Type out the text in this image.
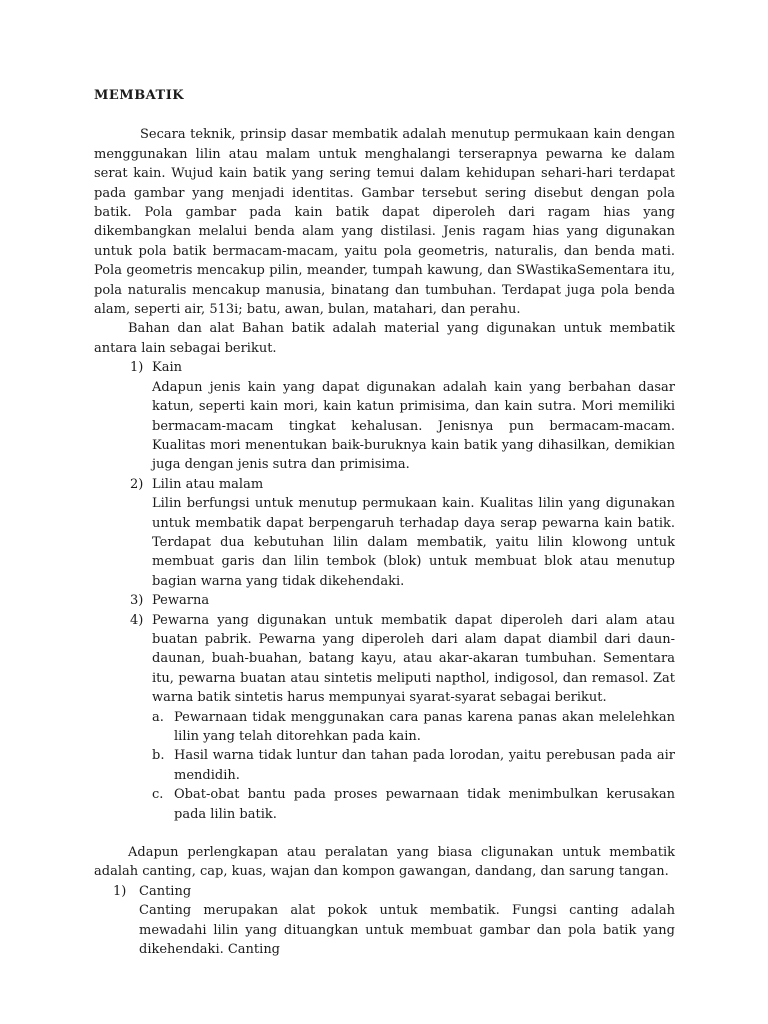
MEMBATIK

Secara teknik, prinsip dasar membatik adalah menutup permukaan kain dengan menggunakan lilin atau malam untuk menghalangi terserapnya pewarna ke dalam serat kain. Wujud kain batik yang sering temui dalam kehidupan sehari-hari terdapat pada gambar yang menjadi identitas. Gambar tersebut sering disebut dengan pola batik. Pola gambar pada kain batik dapat diperoleh dari ragam hias yang dikembangkan melalui benda alam yang distilasi. Jenis ragam hias yang digunakan untuk pola batik bermacam-macam, yaitu pola geometris, naturalis, dan benda mati. Pola geometris mencakup pilin, meander, tumpah kawung, dan SWastikaSementara itu, pola naturalis mencakup manusia, binatang dan tumbuhan. Terdapat juga pola benda alam, seperti air, 513i; batu, awan, bulan, matahari, dan perahu.

Bahan dan alat Bahan batik adalah material yang digunakan untuk membatik antara lain sebagai berikut.

1) Kain
Adapun jenis kain yang dapat digunakan adalah kain yang berbahan dasar katun, seperti kain mori, kain katun primisima, dan kain sutra. Mori memiliki bermacam-macam tingkat kehalusan. Jenisnya pun bermacam-macam. Kualitas mori menentukan baik-buruknya kain batik yang dihasilkan, demikian juga dengan jenis sutra dan primisima.
2) Lilin atau malam
Lilin berfungsi untuk menutup permukaan kain. Kualitas lilin yang digunakan untuk membatik dapat berpengaruh terhadap daya serap pewarna kain batik. Terdapat dua kebutuhan lilin dalam membatik, yaitu lilin klowong untuk membuat garis dan lilin tembok (blok) untuk membuat blok atau menutup bagian warna yang tidak dikehendaki.
3) Pewarna
4) Pewarna yang digunakan untuk membatik dapat diperoleh dari alam atau buatan pabrik. Pewarna yang diperoleh dari alam dapat diambil dari daun-daunan, buah-buahan, batang kayu, atau akar-akaran tumbuhan. Sementara itu, pewarna buatan atau sintetis meliputi napthol, indigosol, dan remasol. Zat warna batik sintetis harus mempunyai syarat-syarat sebagai berikut.
a. Pewarnaan tidak menggunakan cara panas karena panas akan melelehkan lilin yang telah ditorehkan pada kain.
b. Hasil warna tidak luntur dan tahan pada lorodan, yaitu perebusan pada air mendidih.
c. Obat-obat bantu pada proses pewarnaan tidak menimbulkan kerusakan pada lilin batik.

Adapun perlengkapan atau peralatan yang biasa cligunakan untuk membatik adalah canting, cap, kuas, wajan dan kompon gawangan, dandang, dan sarung tangan.

1) Canting
Canting merupakan alat pokok untuk membatik. Fungsi canting adalah mewadahi lilin yang dituangkan untuk membuat gambar dan pola batik yang dikehendaki. Canting
